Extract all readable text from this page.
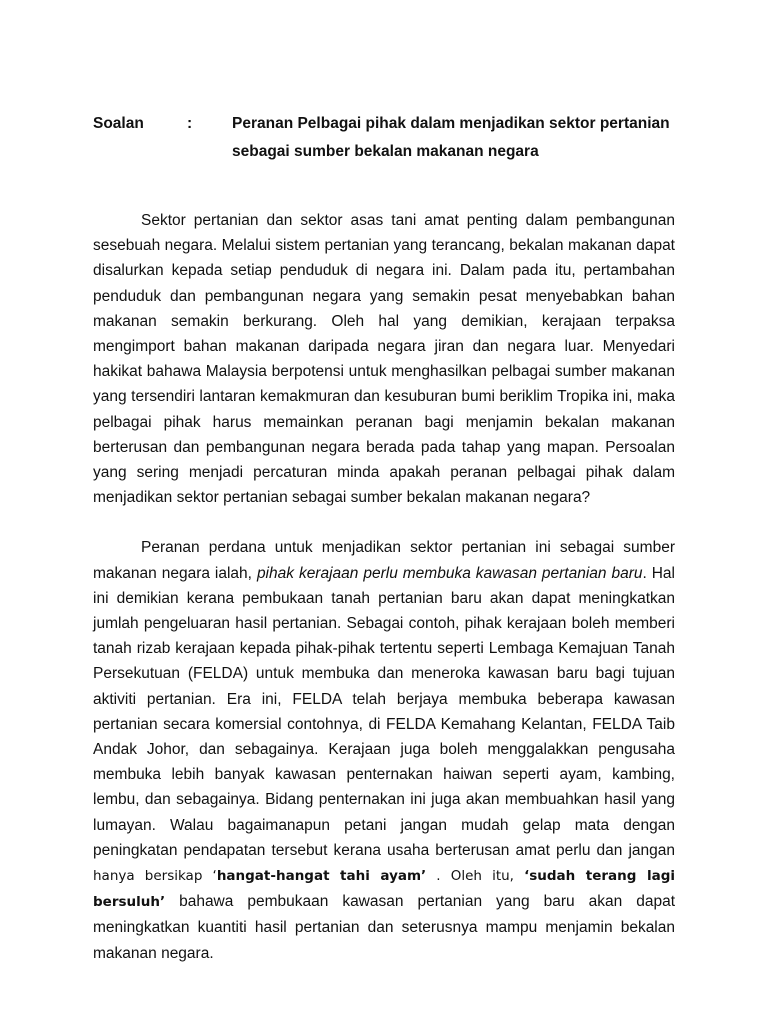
Soalan	:	Peranan Pelbagai pihak dalam menjadikan sektor pertanian sebagai sumber bekalan makanan negara

Sektor pertanian dan sektor asas tani amat penting dalam pembangunan sesebuah negara. Melalui sistem pertanian yang terancang, bekalan makanan dapat disalurkan kepada setiap penduduk di negara ini. Dalam pada itu, pertambahan penduduk dan pembangunan negara yang semakin pesat menyebabkan bahan makanan semakin berkurang. Oleh hal yang demikian, kerajaan terpaksa mengimport bahan makanan daripada negara jiran dan negara luar. Menyedari hakikat bahawa Malaysia berpotensi untuk menghasilkan pelbagai sumber makanan yang tersendiri lantaran kemakmuran dan kesuburan bumi beriklim Tropika ini, maka pelbagai pihak harus memainkan peranan bagi menjamin bekalan makanan berterusan dan pembangunan negara berada pada tahap yang mapan. Persoalan yang sering menjadi percaturan minda apakah peranan pelbagai pihak dalam menjadikan sektor pertanian sebagai sumber bekalan makanan negara?

Peranan perdana untuk menjadikan sektor pertanian ini sebagai sumber makanan negara ialah, pihak kerajaan perlu membuka kawasan pertanian baru. Hal ini demikian kerana pembukaan tanah pertanian baru akan dapat meningkatkan jumlah pengeluaran hasil pertanian. Sebagai contoh, pihak kerajaan boleh memberi tanah rizab kerajaan kepada pihak-pihak tertentu seperti Lembaga Kemajuan Tanah Persekutuan (FELDA) untuk membuka dan meneroka kawasan baru bagi tujuan aktiviti pertanian. Era ini, FELDA telah berjaya membuka beberapa kawasan pertanian secara komersial contohnya, di FELDA Kemahang Kelantan, FELDA Taib Andak Johor, dan sebagainya. Kerajaan juga boleh menggalakkan pengusaha membuka lebih banyak kawasan penternakan haiwan seperti ayam, kambing, lembu, dan sebagainya. Bidang penternakan ini juga akan membuahkan hasil yang lumayan. Walau bagaimanapun petani jangan mudah gelap mata dengan peningkatan pendapatan tersebut kerana usaha berterusan amat perlu dan jangan hanya bersikap ‘hangat-hangat tahi ayam’ . Oleh itu, ‘sudah terang lagi bersuluh’ bahawa pembukaan kawasan pertanian yang baru akan dapat meningkatkan kuantiti hasil pertanian dan seterusnya mampu menjamin bekalan makanan negara.
